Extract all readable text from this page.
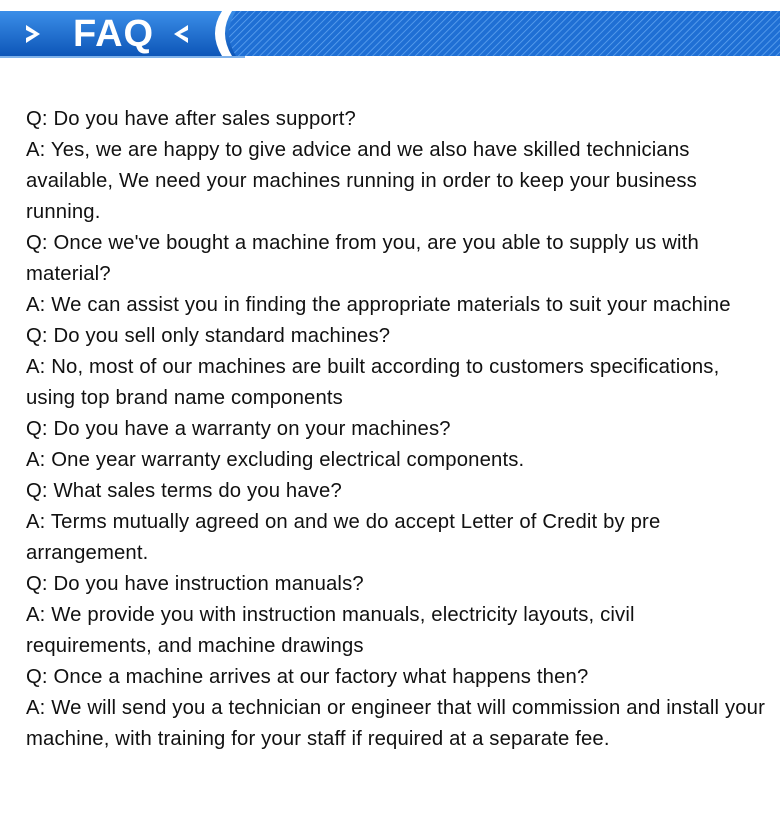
FAQ

Q: Do you have after sales support?

A: Yes, we are happy to give advice and we also have skilled technicians available, We need your machines running in order to keep your business running.

Q: Once we've bought a machine from you, are you able to supply us with material?

A: We can assist you in finding the appropriate materials to suit your machine

Q: Do you sell only standard machines?

A: No, most of our machines are built according to customers specifications, using top brand name components

Q: Do you have a warranty on your machines?

A: One year warranty excluding electrical components.

Q: What sales terms do you have?

A: Terms mutually agreed on and we do accept Letter of Credit by pre arrangement.

Q: Do you have instruction manuals?

A: We provide you with instruction manuals, electricity layouts, civil requirements, and machine drawings

Q: Once a machine arrives at our factory what happens then?

A: We will send you a technician or engineer that will commission and install your machine, with training for your staff if required at a separate fee.
